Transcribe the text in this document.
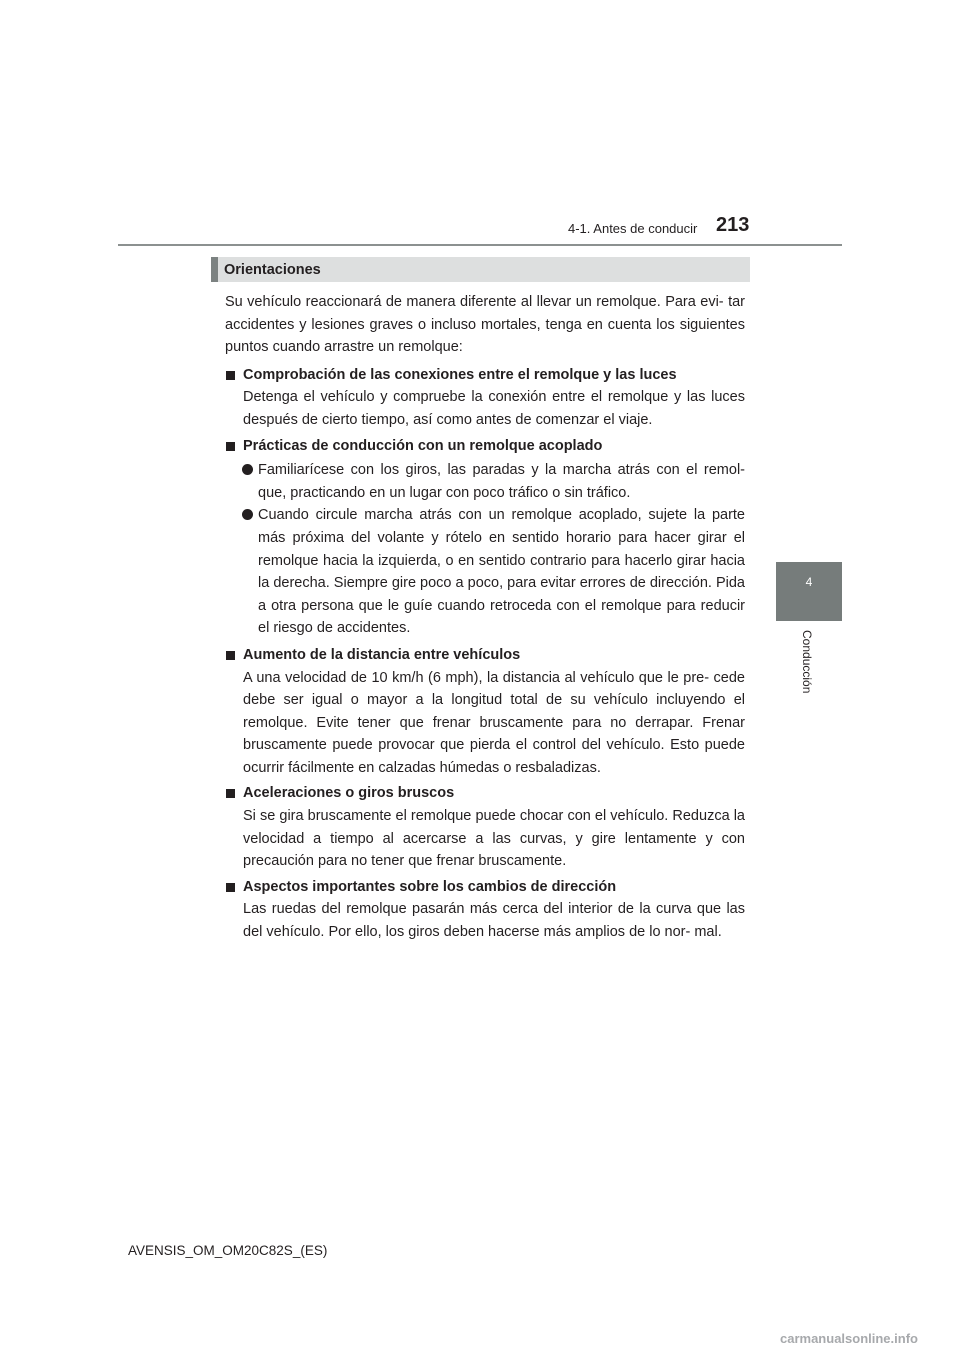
4-1. Antes de conducir 213
4
Conducción
Orientaciones

Su vehículo reaccionará de manera diferente al llevar un remolque. Para evi- tar accidentes y lesiones graves o incluso mortales, tenga en cuenta los siguientes puntos cuando arrastre un remolque:

Comprobación de las conexiones entre el remolque y las luces

Detenga el vehículo y compruebe la conexión entre el remolque y las luces después de cierto tiempo, así como antes de comenzar el viaje.

Prácticas de conducción con un remolque acoplado

Familiarícese con los giros, las paradas y la marcha atrás con el remol- que, practicando en un lugar con poco tráfico o sin tráfico.

Cuando circule marcha atrás con un remolque acoplado, sujete la parte más próxima del volante y rótelo en sentido horario para hacer girar el remolque hacia la izquierda, o en sentido contrario para hacerlo girar hacia la derecha. Siempre gire poco a poco, para evitar errores de dirección. Pida a otra persona que le guíe cuando retroceda con el remolque para reducir el riesgo de accidentes.

Aumento de la distancia entre vehículos

A una velocidad de 10 km/h (6 mph), la distancia al vehículo que le pre- cede debe ser igual o mayor a la longitud total de su vehículo incluyendo el remolque. Evite tener que frenar bruscamente para no derrapar. Frenar bruscamente puede provocar que pierda el control del vehículo. Esto puede ocurrir fácilmente en calzadas húmedas o resbaladizas.

Aceleraciones o giros bruscos

Si se gira bruscamente el remolque puede chocar con el vehículo. Reduzca la velocidad a tiempo al acercarse a las curvas, y gire lentamente y con precaución para no tener que frenar bruscamente.

Aspectos importantes sobre los cambios de dirección

Las ruedas del remolque pasarán más cerca del interior de la curva que las del vehículo. Por ello, los giros deben hacerse más amplios de lo nor- mal.

AVENSIS_OM_OM20C82S_(ES)
carmanualsonline.info
